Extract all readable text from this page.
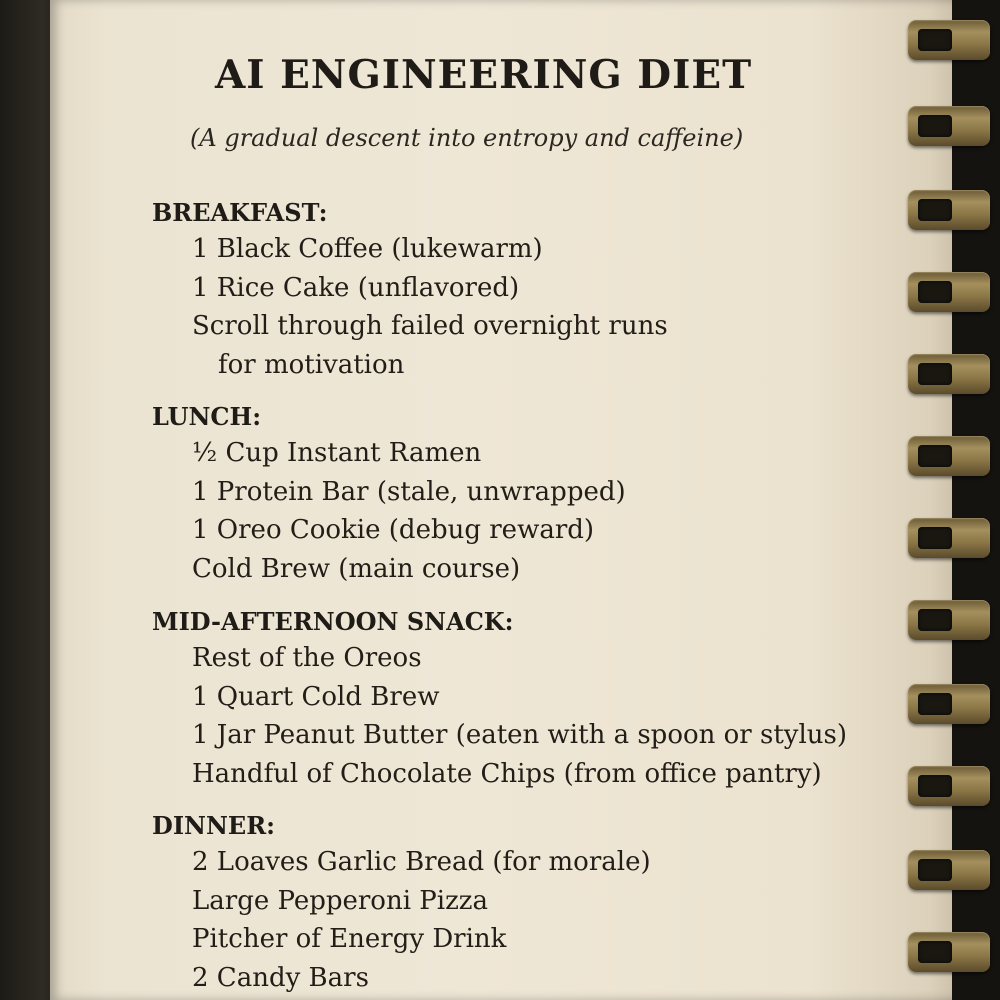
AI ENGINEERING DIET
(A gradual descent into entropy and caffeine)
BREAKFAST:
1 Black Coffee (lukewarm)
1 Rice Cake (unflavored)
Scroll through failed overnight runs
for motivation
LUNCH:
½ Cup Instant Ramen
1 Protein Bar (stale, unwrapped)
1 Oreo Cookie (debug reward)
Cold Brew (main course)
MID-AFTERNOON SNACK:
Rest of the Oreos
1 Quart Cold Brew
1 Jar Peanut Butter (eaten with a spoon or stylus)
Handful of Chocolate Chips (from office pantry)
DINNER:
2 Loaves Garlic Bread (for morale)
Large Pepperoni Pizza
Pitcher of Energy Drink
2 Candy Bars
